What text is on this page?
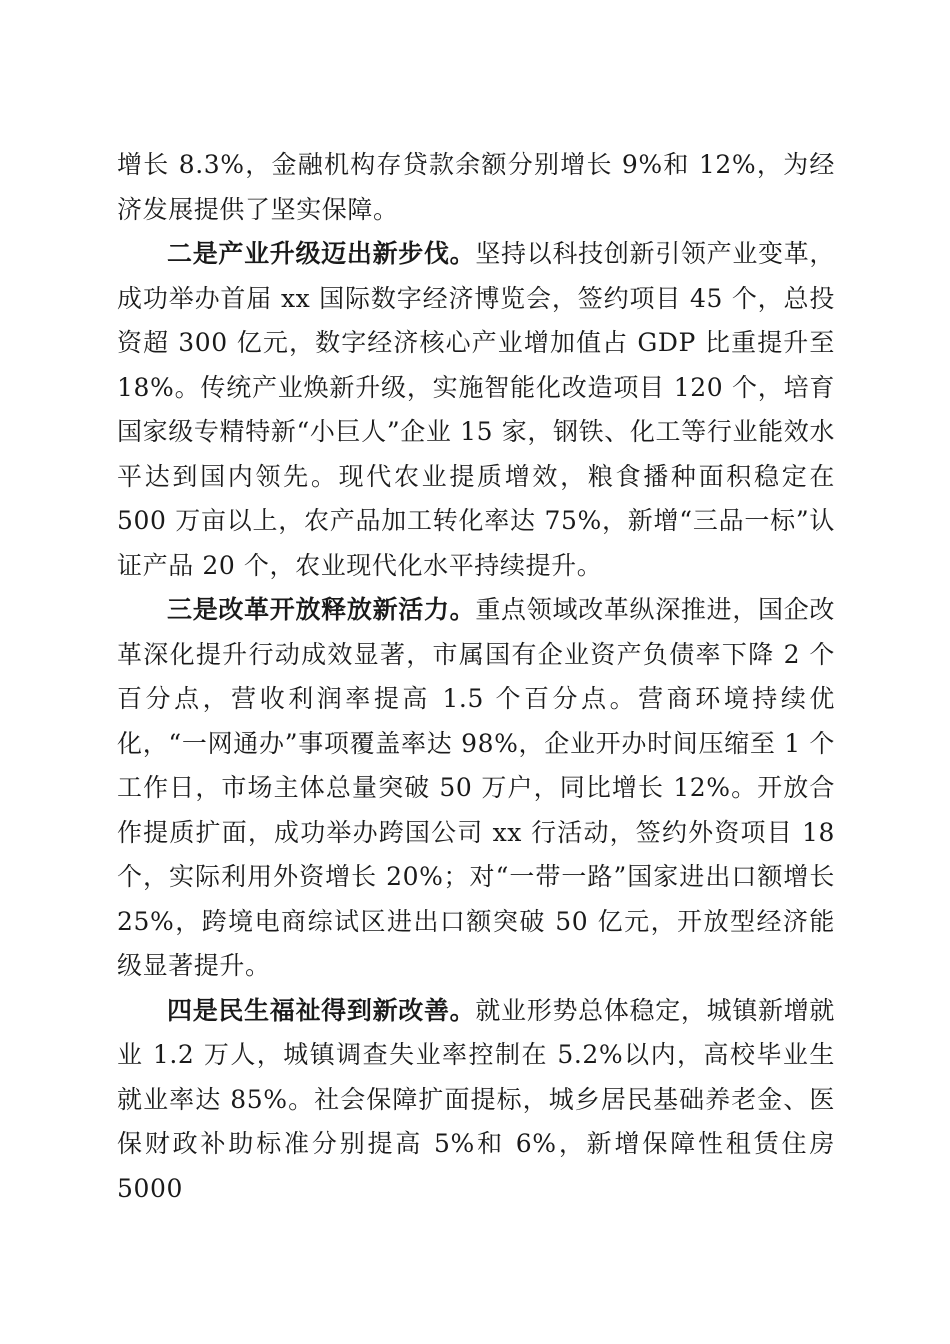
增长 8.3%，金融机构存贷款余额分别增长 9%和 12%，为经济发展提供了坚实保障。

二是产业升级迈出新步伐。坚持以科技创新引领产业变革，成功举办首届 xx 国际数字经济博览会，签约项目 45 个，总投资超 300 亿元，数字经济核心产业增加值占 GDP 比重提升至 18%。传统产业焕新升级，实施智能化改造项目 120 个，培育国家级专精特新“小巨人”企业 15 家，钢铁、化工等行业能效水平达到国内领先。现代农业提质增效，粮食播种面积稳定在 500 万亩以上，农产品加工转化率达 75%，新增“三品一标”认证产品 20 个，农业现代化水平持续提升。

三是改革开放释放新活力。重点领域改革纵深推进，国企改革深化提升行动成效显著，市属国有企业资产负债率下降 2 个百分点，营收利润率提高 1.5 个百分点。营商环境持续优化，“一网通办”事项覆盖率达 98%，企业开办时间压缩至 1 个工作日，市场主体总量突破 50 万户，同比增长 12%。开放合作提质扩面，成功举办跨国公司 xx 行活动，签约外资项目 18 个，实际利用外资增长 20%；对“一带一路”国家进出口额增长 25%，跨境电商综试区进出口额突破 50 亿元，开放型经济能级显著提升。

四是民生福祉得到新改善。就业形势总体稳定，城镇新增就业 1.2 万人，城镇调查失业率控制在 5.2%以内，高校毕业生就业率达 85%。社会保障扩面提标，城乡居民基础养老金、医保财政补助标准分别提高 5%和 6%，新增保障性租赁住房 5000
